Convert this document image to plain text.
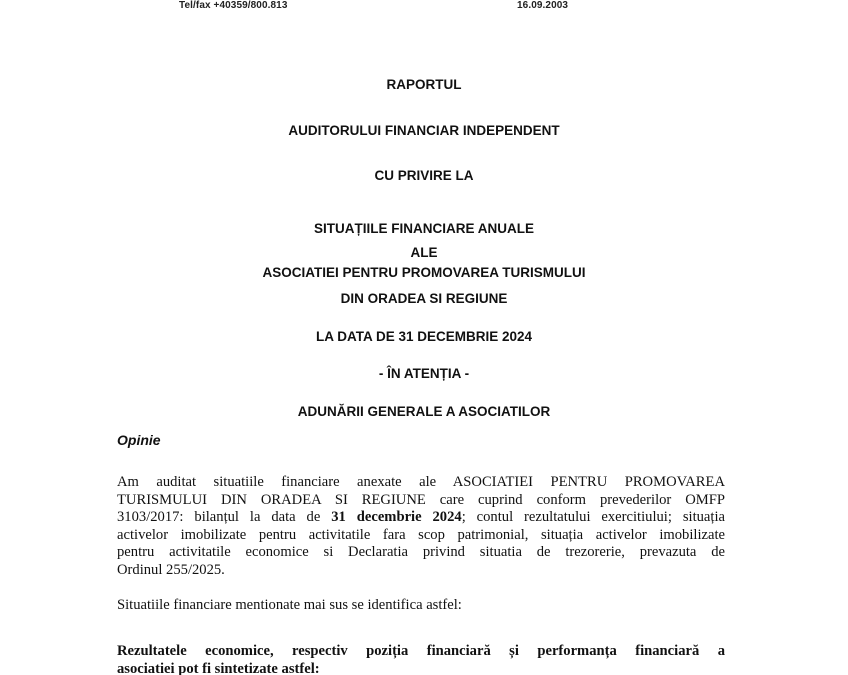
Tel/fax +40359/800.813	16.09.2003
RAPORTUL
AUDITORULUI FINANCIAR INDEPENDENT
CU PRIVIRE LA
SITUAȚIILE FINANCIARE ANUALE
ALE
ASOCIATIEI PENTRU PROMOVAREA TURISMULUI
DIN ORADEA SI REGIUNE
LA DATA DE 31 DECEMBRIE 2024
- ÎN ATENȚIA -
ADUNĂRII GENERALE A ASOCIATILOR
Opinie
Am auditat situatiile financiare anexate ale ASOCIATIEI PENTRU PROMOVAREA
TURISMULUI DIN ORADEA SI REGIUNE care cuprind conform prevederilor OMFP
3103/2017: bilanțul la data de 31 decembrie 2024; contul rezultatului exercitiului; situația
activelor imobilizate pentru activitatile fara scop patrimonial, situația activelor imobilizate
pentru activitatile economice si Declaratia privind situatia de trezorerie, prevazuta de
Ordinul 255/2025.
Situatiile financiare mentionate mai sus se identifica astfel:
Rezultatele economice, respectiv poziția financiară și performanța financiară a
asociatiei pot fi sintetizate astfel:
